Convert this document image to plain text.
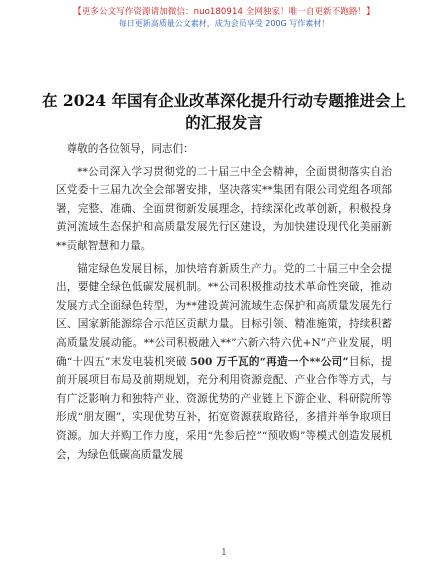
【更多公文写作资源请加微信：nuo180914 全网独家！唯一自更新不跑路！】
每日更新高质量公文素材，成为会员享受 200G 写作素材！
在 2024 年国有企业改革深化提升行动专题推进会上的汇报发言

尊敬的各位领导，同志们：

**公司深入学习贯彻党的二十届三中全会精神，全面贯彻落实自治区党委十三届九次全会部署安排，坚决落实**集团有限公司党组各项部署，完整、准确、全面贯彻新发展理念，持续深化改革创新，积极投身黄河流域生态保护和高质量发展先行区建设，为加快建设现代化美丽新**贡献智慧和力量。

锚定绿色发展目标，加快培育新质生产力。党的二十届三中全会提出，要健全绿色低碳发展机制。**公司积极推动技术革命性突破，推动发展方式全面绿色转型，为**建设黄河流域生态保护和高质量发展先行区、国家新能源综合示范区贡献力量。目标引领、精准施策，持续积蓄高质量发展动能。**公司积极融入**”六新六特六优+N”产业发展，明确“十四五”末发电装机突破 500 万千瓦的“再造一个**公司”目标，提前开展项目布局及前期规划，充分利用资源竞配、产业合作等方式，与有广泛影响力和独特产业、资源优势的产业链上下游企业、科研院所等形成“朋友圈”，实现优势互补，拓宽资源获取路径，多措并举争取项目资源。加大并购工作力度，采用“先参后控”“预收购”等模式创造发展机会，为绿色低碳高质量发展

1
